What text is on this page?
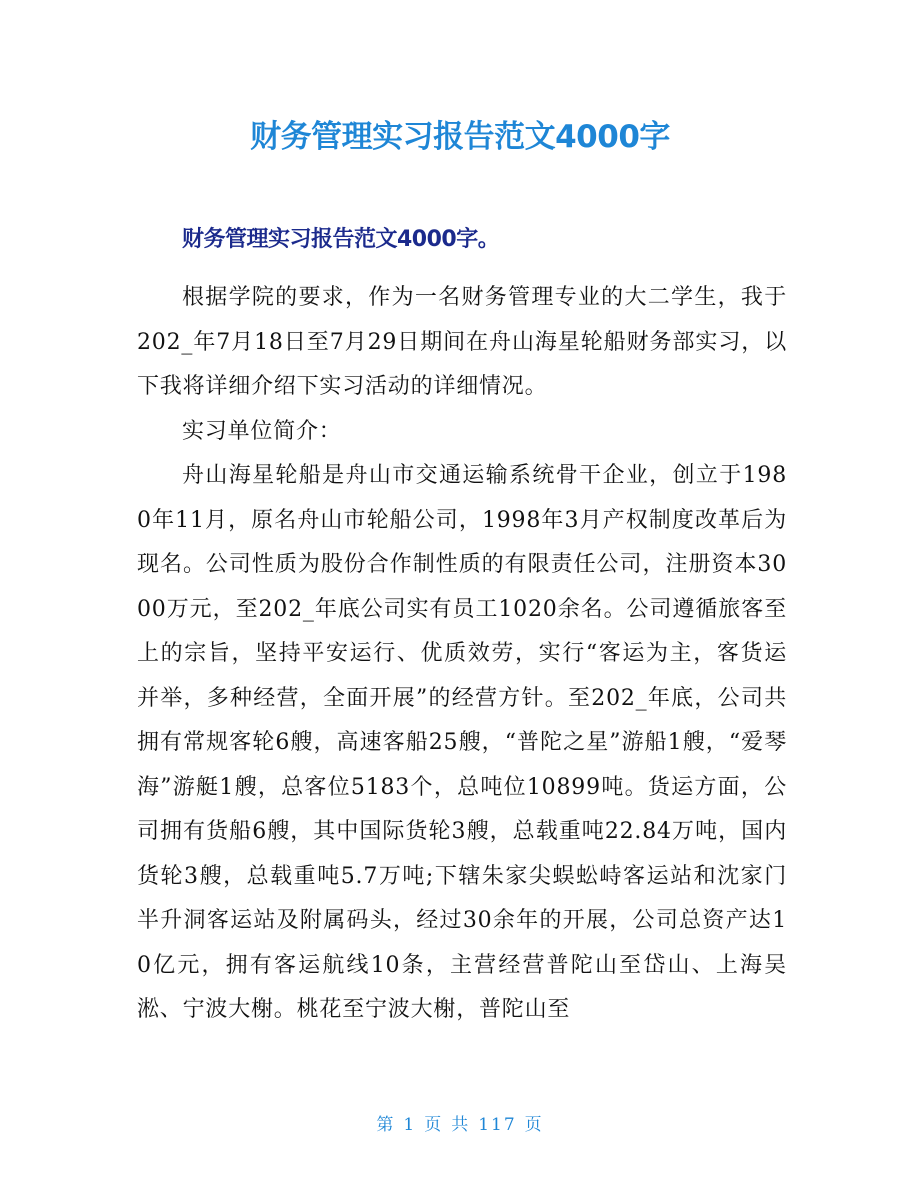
财务管理实习报告范文4000字
财务管理实习报告范文4000字。

根据学院的要求，作为一名财务管理专业的大二学生，我于202_年7月18日至7月29日期间在舟山海星轮船财务部实习，以下我将详细介绍下实习活动的详细情况。

实习单位简介：

舟山海星轮船是舟山市交通运输系统骨干企业，创立于1980年11月，原名舟山市轮船公司，1998年3月产权制度改革后为现名。公司性质为股份合作制性质的有限责任公司，注册资本3000万元，至202_年底公司实有员工1020余名。公司遵循旅客至上的宗旨，坚持平安运行、优质效劳，实行“客运为主，客货运并举，多种经营，全面开展”的经营方针。至202_年底，公司共拥有常规客轮6艘，高速客船25艘，“普陀之星”游船1艘，“爱琴海”游艇1艘，总客位5183个，总吨位10899吨。货运方面，公司拥有货船6艘，其中国际货轮3艘，总载重吨22.84万吨，国内货轮3艘，总载重吨5.7万吨;下辖朱家尖蜈蚣峙客运站和沈家门半升洞客运站及附属码头，经过30余年的开展，公司总资产达10亿元，拥有客运航线10条，主营经营普陀山至岱山、上海吴淞、宁波大榭。桃花至宁波大榭，普陀山至

第 1 页 共 117 页
